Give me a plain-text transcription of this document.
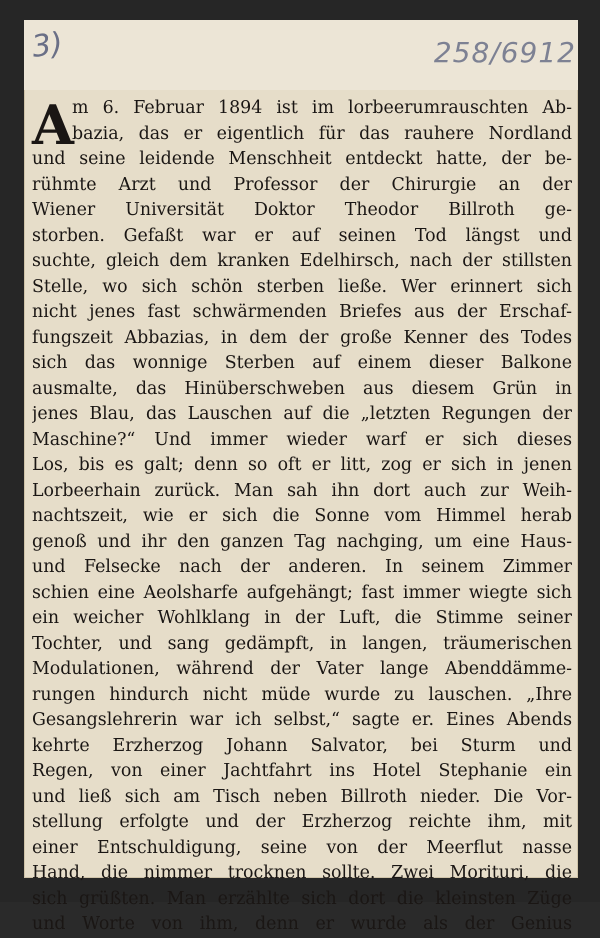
3)	258/6912
A
m 6. Februar 1894 ist im lorbeerumrauschten Ab-
bazia, das er eigentlich für das rauhere Nordland
und seine leidende Menschheit entdeckt hatte, der be-
rühmte Arzt und Professor der Chirurgie an der
Wiener Universität Doktor Theodor Billroth ge-
storben. Gefaßt war er auf seinen Tod längst und
suchte, gleich dem kranken Edelhirsch, nach der stillsten
Stelle, wo sich schön sterben ließe. Wer erinnert sich
nicht jenes fast schwärmenden Briefes aus der Erschaf-
fungszeit Abbazias, in dem der große Kenner des Todes
sich das wonnige Sterben auf einem dieser Balkone
ausmalte, das Hinüberschweben aus diesem Grün in
jenes Blau, das Lauschen auf die „letzten Regungen der
Maschine?“ Und immer wieder warf er sich dieses
Los, bis es galt; denn so oft er litt, zog er sich in jenen
Lorbeerhain zurück. Man sah ihn dort auch zur Weih-
nachtszeit, wie er sich die Sonne vom Himmel herab
genoß und ihr den ganzen Tag nachging, um eine Haus-
und Felsecke nach der anderen. In seinem Zimmer
schien eine Aeolsharfe aufgehängt; fast immer wiegte sich
ein weicher Wohlklang in der Luft, die Stimme seiner
Tochter, und sang gedämpft, in langen, träumerischen
Modulationen, während der Vater lange Abenddämme-
rungen hindurch nicht müde wurde zu lauschen. „Ihre
Gesangslehrerin war ich selbst,“ sagte er. Eines Abends
kehrte Erzherzog Johann Salvator, bei Sturm und
Regen, von einer Jachtfahrt ins Hotel Stephanie ein
und ließ sich am Tisch neben Billroth nieder. Die Vor-
stellung erfolgte und der Erzherzog reichte ihm, mit
einer Entschuldigung, seine von der Meerflut nasse
Hand, die nimmer trocknen sollte. Zwei Morituri, die
sich grüßten. Man erzählte sich dort die kleinsten Züge
und Worte von ihm, denn er wurde als der Genius
